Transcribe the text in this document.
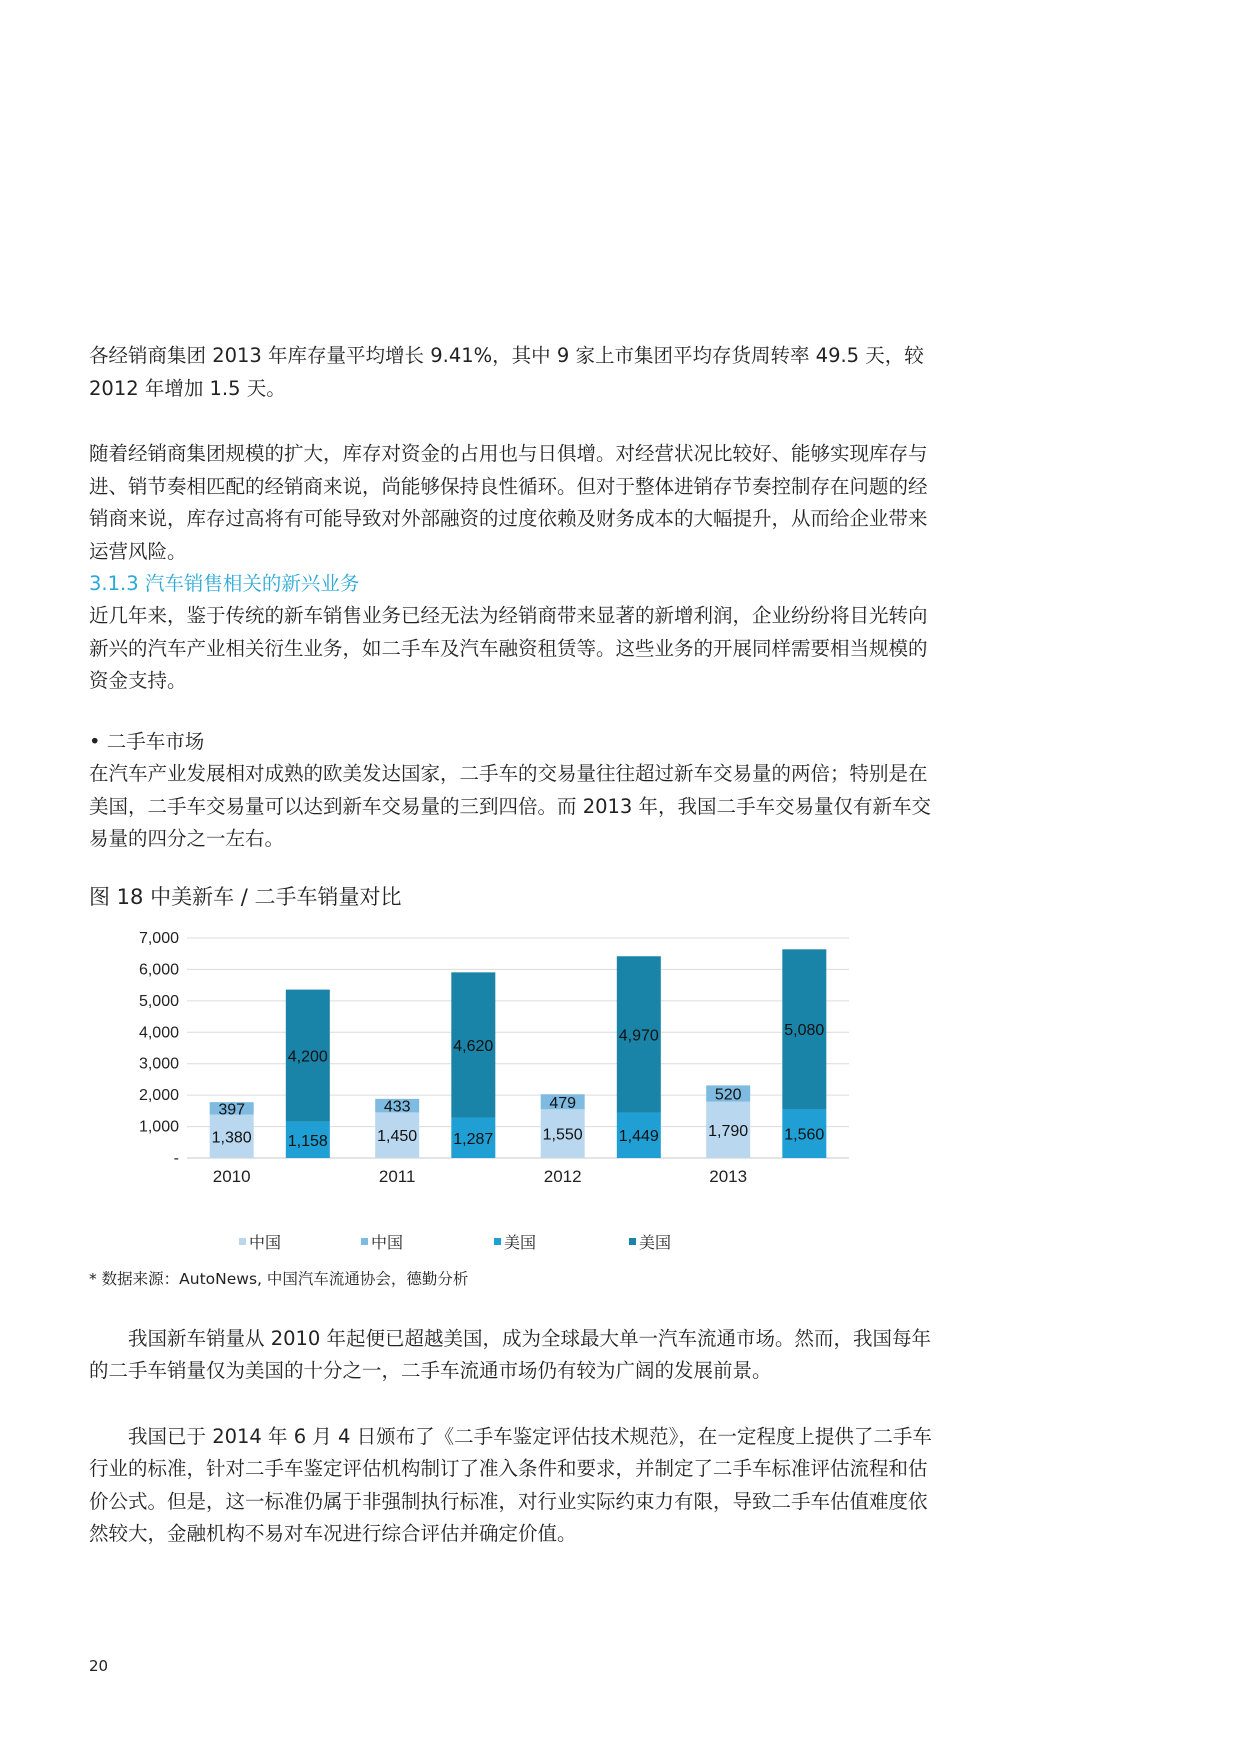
各经销商集团 2013 年库存量平均增长 9.41%，其中 9 家上市集团平均存货周转率 49.5 天，较 2012 年增加 1.5 天。

随着经销商集团规模的扩大，库存对资金的占用也与日俱增。对经营状况比较好、能够实现库存与进、销节奏相匹配的经销商来说，尚能够保持良性循环。但对于整体进销存节奏控制存在问题的经销商来说，库存过高将有可能导致对外部融资的过度依赖及财务成本的大幅提升，从而给企业带来运营风险。

3.1.3 汽车销售相关的新兴业务

近几年来，鉴于传统的新车销售业务已经无法为经销商带来显著的新增利润，企业纷纷将目光转向新兴的汽车产业相关衍生业务，如二手车及汽车融资租赁等。这些业务的开展同样需要相当规模的资金支持。

• 二手车市场

在汽车产业发展相对成熟的欧美发达国家，二手车的交易量往往超过新车交易量的两倍；特别是在美国，二手车交易量可以达到新车交易量的三到四倍。而 2013 年，我国二手车交易量仅有新车交易量的四分之一左右。

图 18 中美新车 / 二手车销量对比

-
1,000
2,000
3,000
4,000
5,000
6,000
7,000
1,380
397
1,158
4,200
2010
1,450
433
1,287
4,620
2011
1,550
479
1,449
4,970
2012
1,790
520
1,560
5,080
2013
中国	中国	美国	美国

* 数据来源：AutoNews, 中国汽车流通协会，德勤分析

我国新车销量从 2010 年起便已超越美国，成为全球最大单一汽车流通市场。然而，我国每年的二手车销量仅为美国的十分之一，二手车流通市场仍有较为广阔的发展前景。

我国已于 2014 年 6 月 4 日颁布了《二手车鉴定评估技术规范》，在一定程度上提供了二手车行业的标准，针对二手车鉴定评估机构制订了准入条件和要求，并制定了二手车标准评估流程和估价公式。但是，这一标准仍属于非强制执行标准，对行业实际约束力有限，导致二手车估值难度依然较大，金融机构不易对车况进行综合评估并确定价值。

20
